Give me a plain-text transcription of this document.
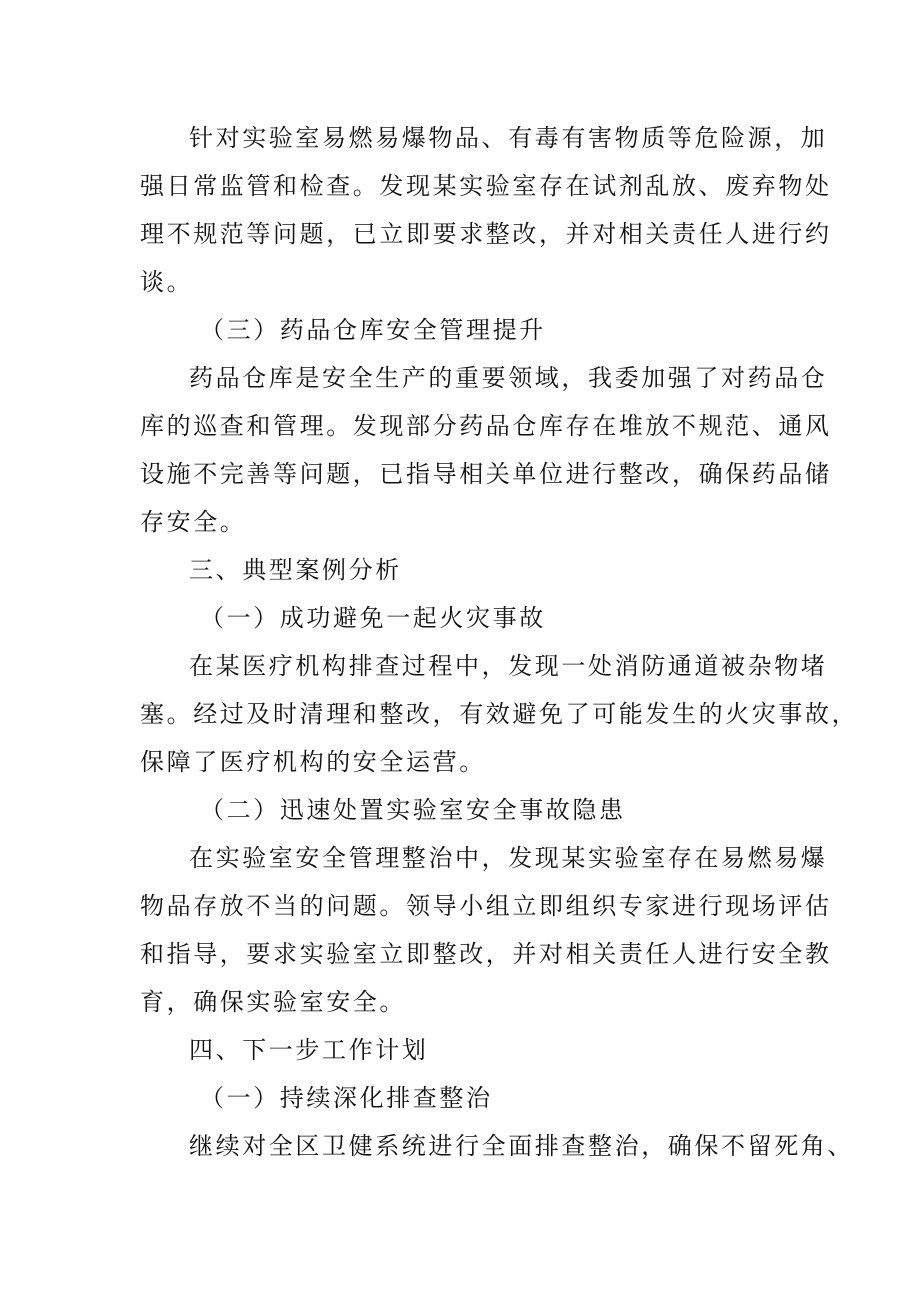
针对实验室易燃易爆物品、有毒有害物质等危险源，加
强日常监管和检查。发现某实验室存在试剂乱放、废弃物处
理不规范等问题，已立即要求整改，并对相关责任人进行约
谈。
（三）药品仓库安全管理提升
药品仓库是安全生产的重要领域，我委加强了对药品仓
库的巡查和管理。发现部分药品仓库存在堆放不规范、通风
设施不完善等问题，已指导相关单位进行整改，确保药品储
存安全。
三、典型案例分析
（一）成功避免一起火灾事故
在某医疗机构排查过程中，发现一处消防通道被杂物堵
塞。经过及时清理和整改，有效避免了可能发生的火灾事故，
保障了医疗机构的安全运营。
（二）迅速处置实验室安全事故隐患
在实验室安全管理整治中，发现某实验室存在易燃易爆
物品存放不当的问题。领导小组立即组织专家进行现场评估
和指导，要求实验室立即整改，并对相关责任人进行安全教
育，确保实验室安全。
四、下一步工作计划
（一）持续深化排查整治
继续对全区卫健系统进行全面排查整治，确保不留死角、
